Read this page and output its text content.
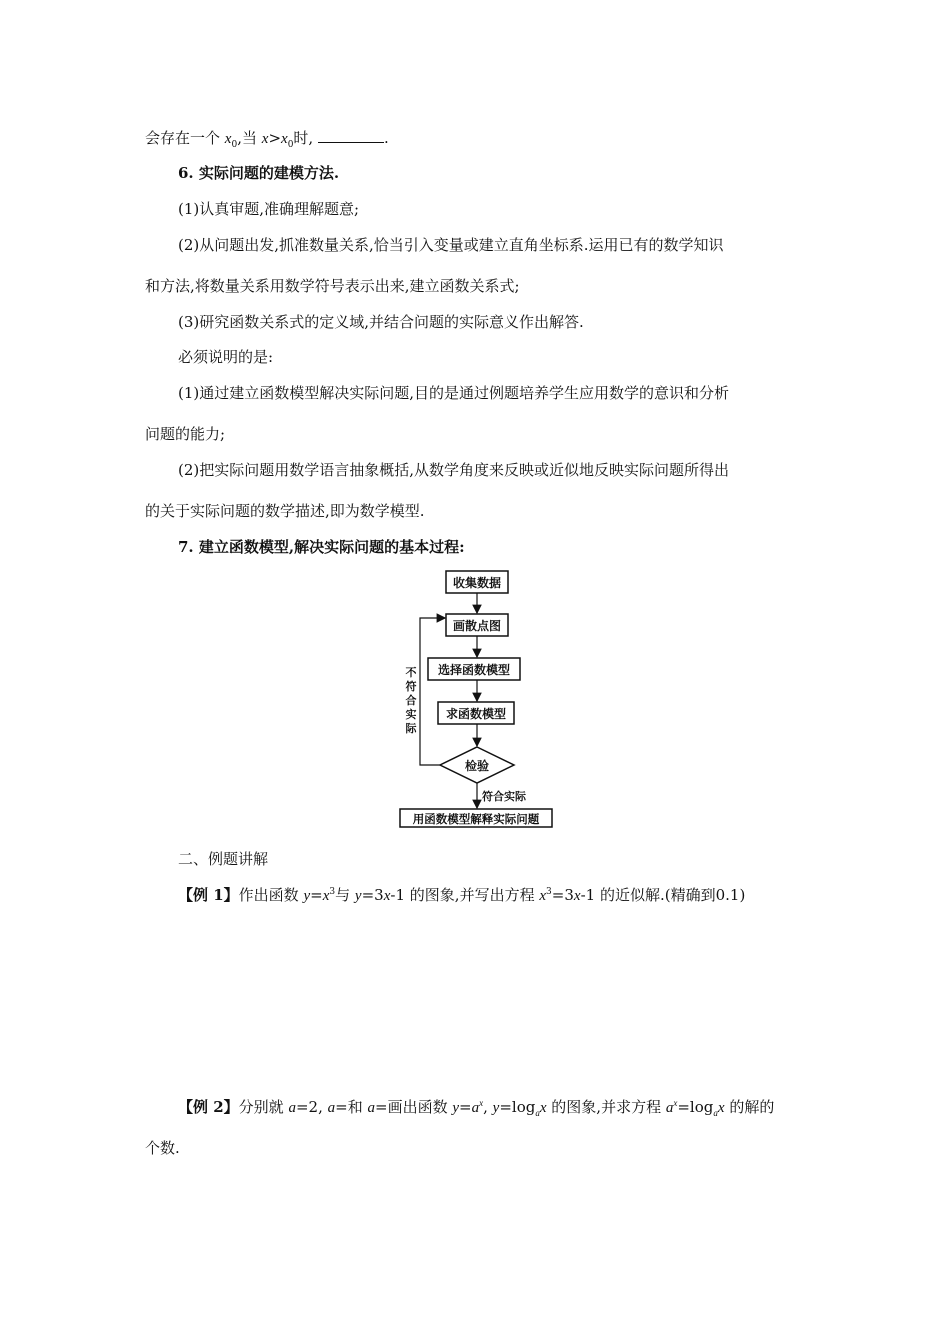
会存在一个 $x_0$,当 $x>x_0$时,	.
6. 实际问题的建模方法.
(1)认真审题,准确理解题意;
(2)从问题出发,抓准数量关系,恰当引入变量或建立直角坐标系.运用已有的数学知识
和方法,将数量关系用数学符号表示出来,建立函数关系式;
(3)研究函数关系式的定义域,并结合问题的实际意义作出解答.
必须说明的是:
(1)通过建立函数模型解决实际问题,目的是通过例题培养学生应用数学的意识和分析
问题的能力;
(2)把实际问题用数学语言抽象概括,从数学角度来反映或近似地反映实际问题所得出
的关于实际问题的数学描述,即为数学模型.
7. 建立函数模型,解决实际问题的基本过程:
收集数据
画散点图
选择函数模型
求函数模型
检验
符合实际
用函数模型解释实际问题
不
符
合
实
际
二、例题讲解
【例 1】作出函数 $y=x^3$与 y=3x-1 的图象,并写出方程 $x^3=3x-1$ 的近似解.(精确到0.1)
【例 2】分别就 a=2, a=和 a=画出函数 $y=a^x$, $y=\log_ax$ 的图象,并求方程 $a^x=\log_ax$ 的解的
个数.
